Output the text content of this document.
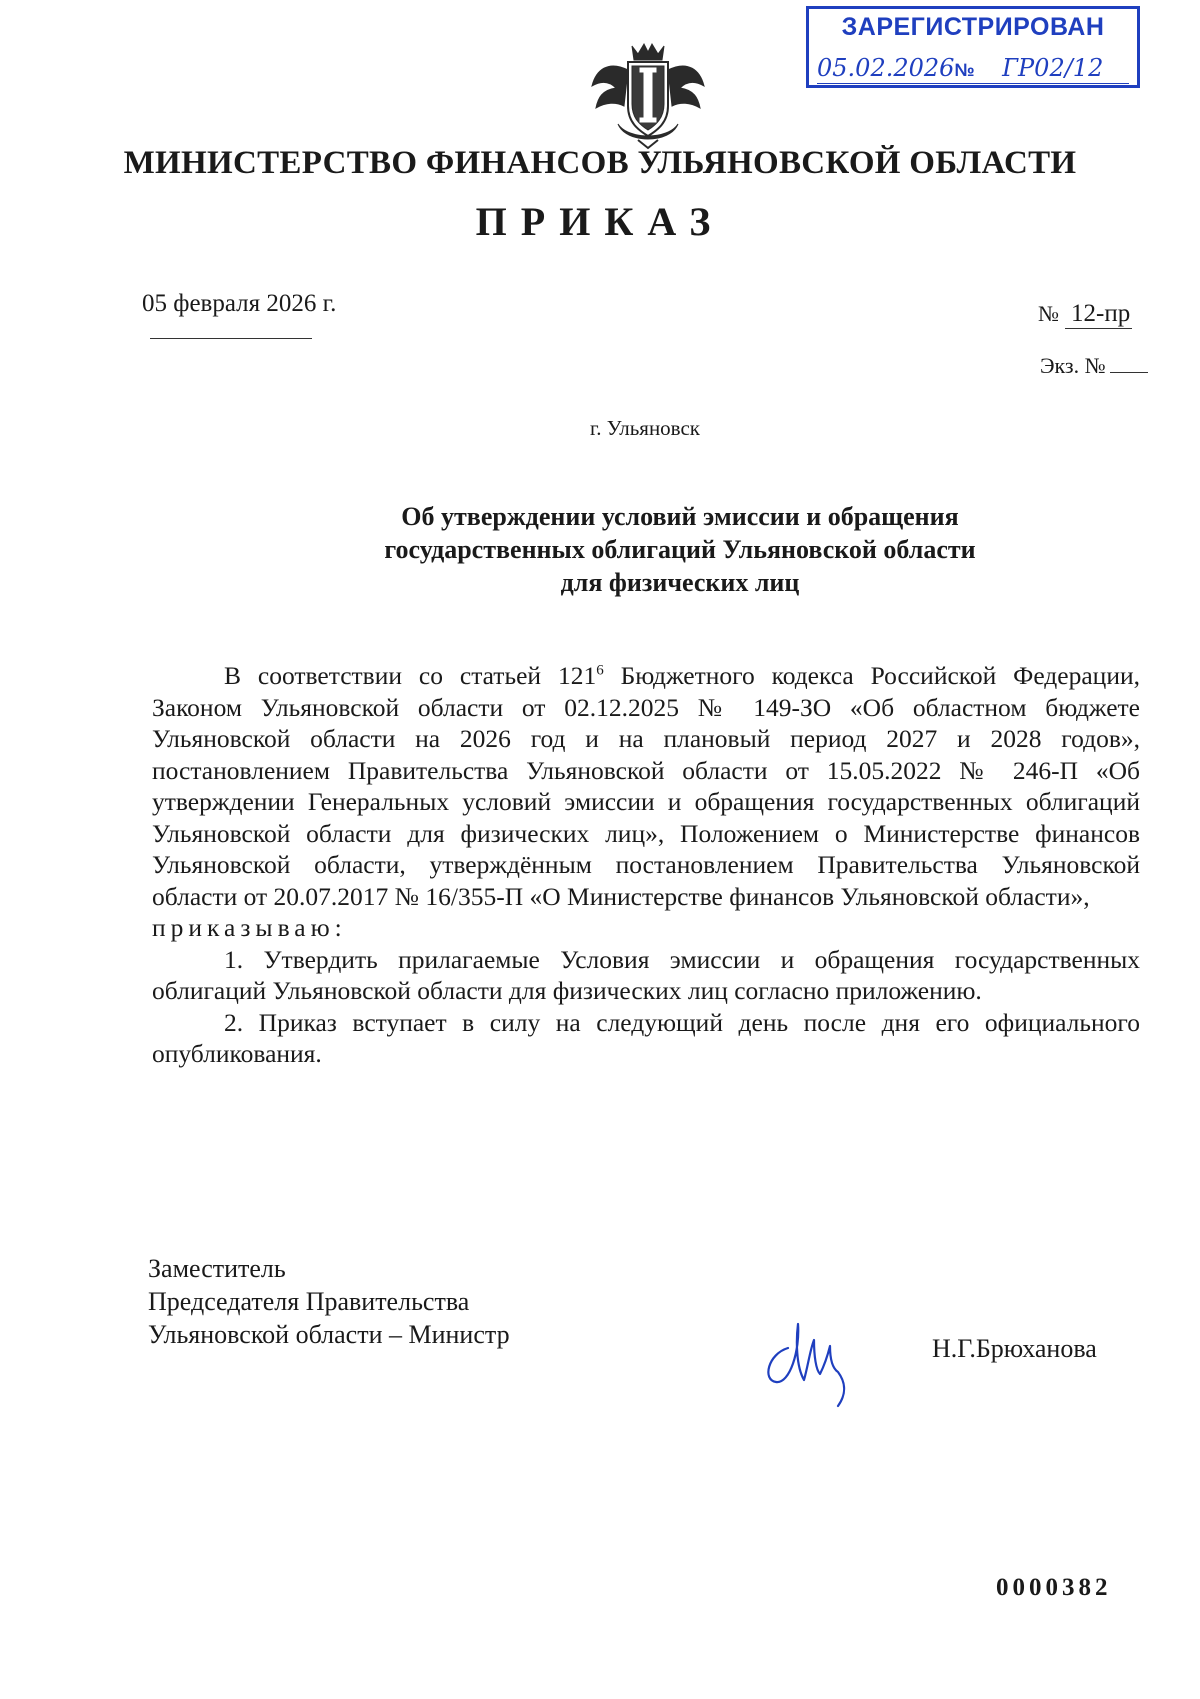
ЗАРЕГИСТРИРОВАН
05.02.2026№ ГР02/12
МИНИСТЕРСТВО ФИНАНСОВ УЛЬЯНОВСКОЙ ОБЛАСТИ
ПРИКАЗ
05 февраля 2026 г.	№ 12-пр
Экз. №
г. Ульяновск
Об утверждении условий эмиссии и обращения
государственных облигаций Ульяновской области
для физических лиц

В соответствии со статьей $121^6$ Бюджетного кодекса Российской Федерации, Законом Ульяновской области от 02.12.2025 № 149-ЗО «Об областном бюджете Ульяновской области на 2026 год и на плановый период 2027 и 2028 годов», постановлением Правительства Ульяновской области от 15.05.2022 № 246-П «Об утверждении Генеральных условий эмиссии и обращения государственных облигаций Ульяновской области для физических лиц», Положением о Министерстве финансов Ульяновской области, утверждённым постановлением Правительства Ульяновской области от 20.07.2017 № 16/355-П «О Министерстве финансов Ульяновской области»,

приказываю:

1. Утвердить прилагаемые Условия эмиссии и обращения государственных облигаций Ульяновской области для физических лиц согласно приложению.

2. Приказ вступает в силу на следующий день после дня его официального опубликования.

Заместитель
Председателя Правительства
Ульяновской области – Министр	Н.Г.Брюханова
0000382
